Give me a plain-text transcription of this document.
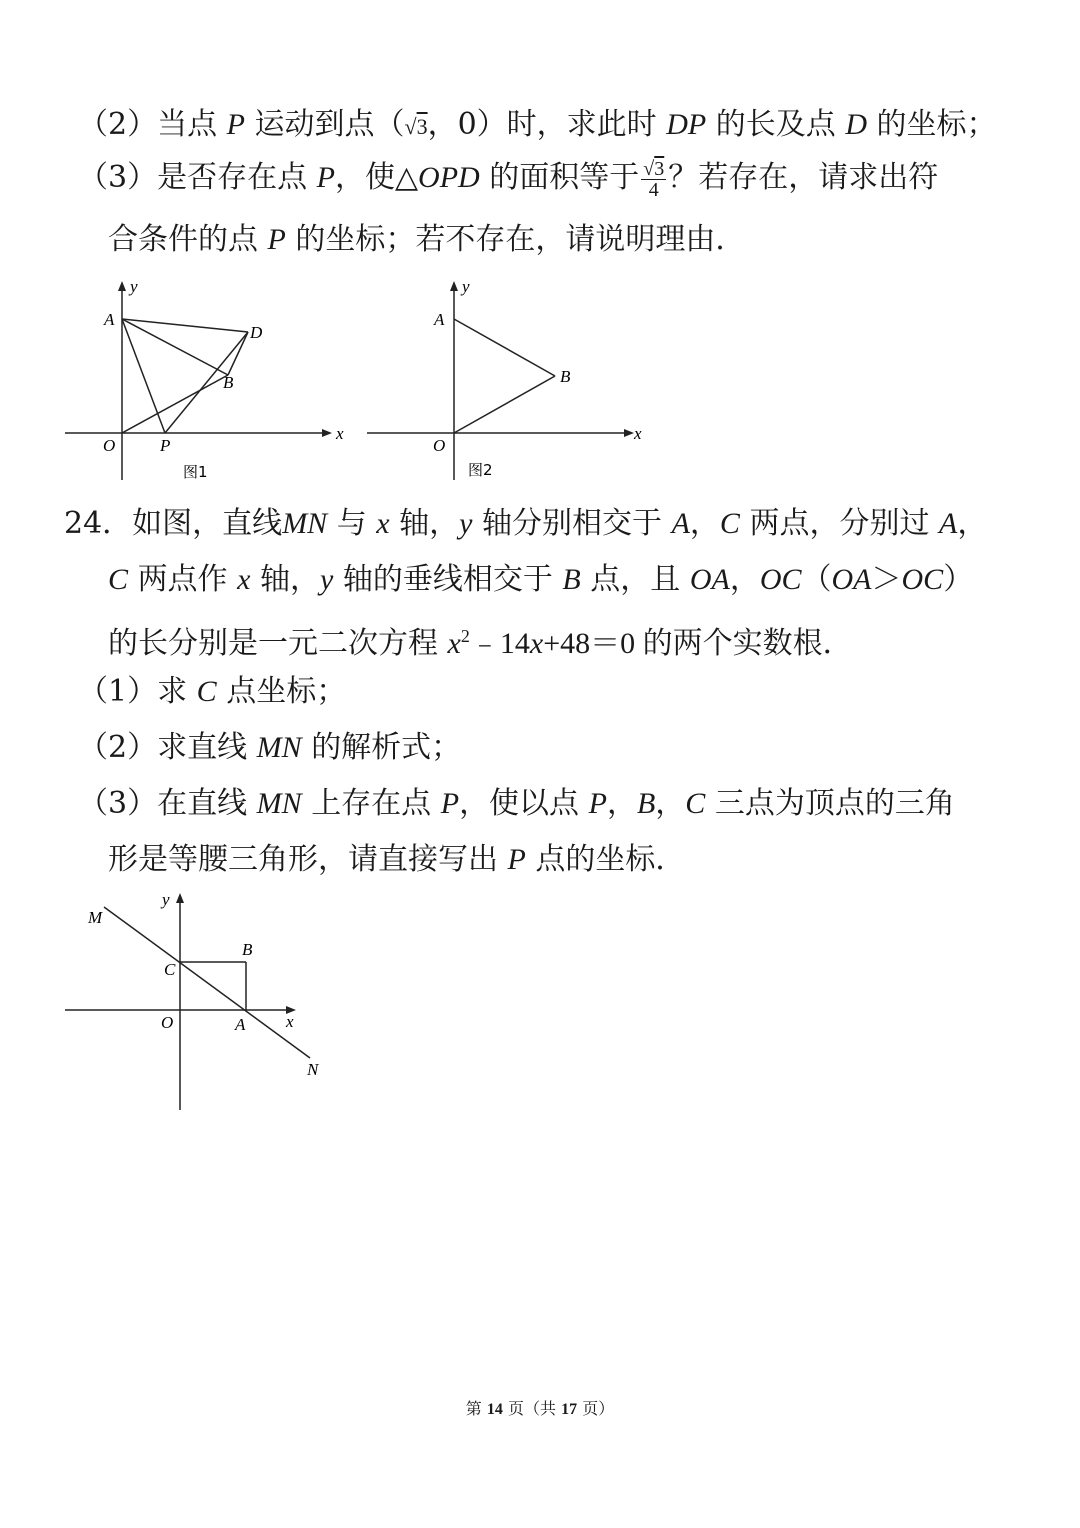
（2）当点 P 运动到点（√3，0）时，求此时 DP 的长及点 D 的坐标；
（3）是否存在点 P，使△OPD 的面积等于 $\frac{√3}{4}$ ？若存在，请求出符
合条件的点 P 的坐标；若不存在，请说明理由．
y
x
A
D
B
O	P
图1
y
x
A
B
O
图2
24．如图，直线MN 与 x 轴，y 轴分别相交于 A，C 两点，分别过 A，
C 两点作 x 轴，y 轴的垂线相交于 B 点，且 OA，OC（OA＞OC）
的长分别是一元二次方程 $x^2﹣14x+48=0$ 的两个实数根．
（1）求 C 点坐标；
（2）求直线 MN 的解析式；
（3）在直线 MN 上存在点 P，使以点 P，B，C 三点为顶点的三角
形是等腰三角形，请直接写出 P 点的坐标．
M
y
B
C
O	A x
N
第 14 页（共 17 页）
